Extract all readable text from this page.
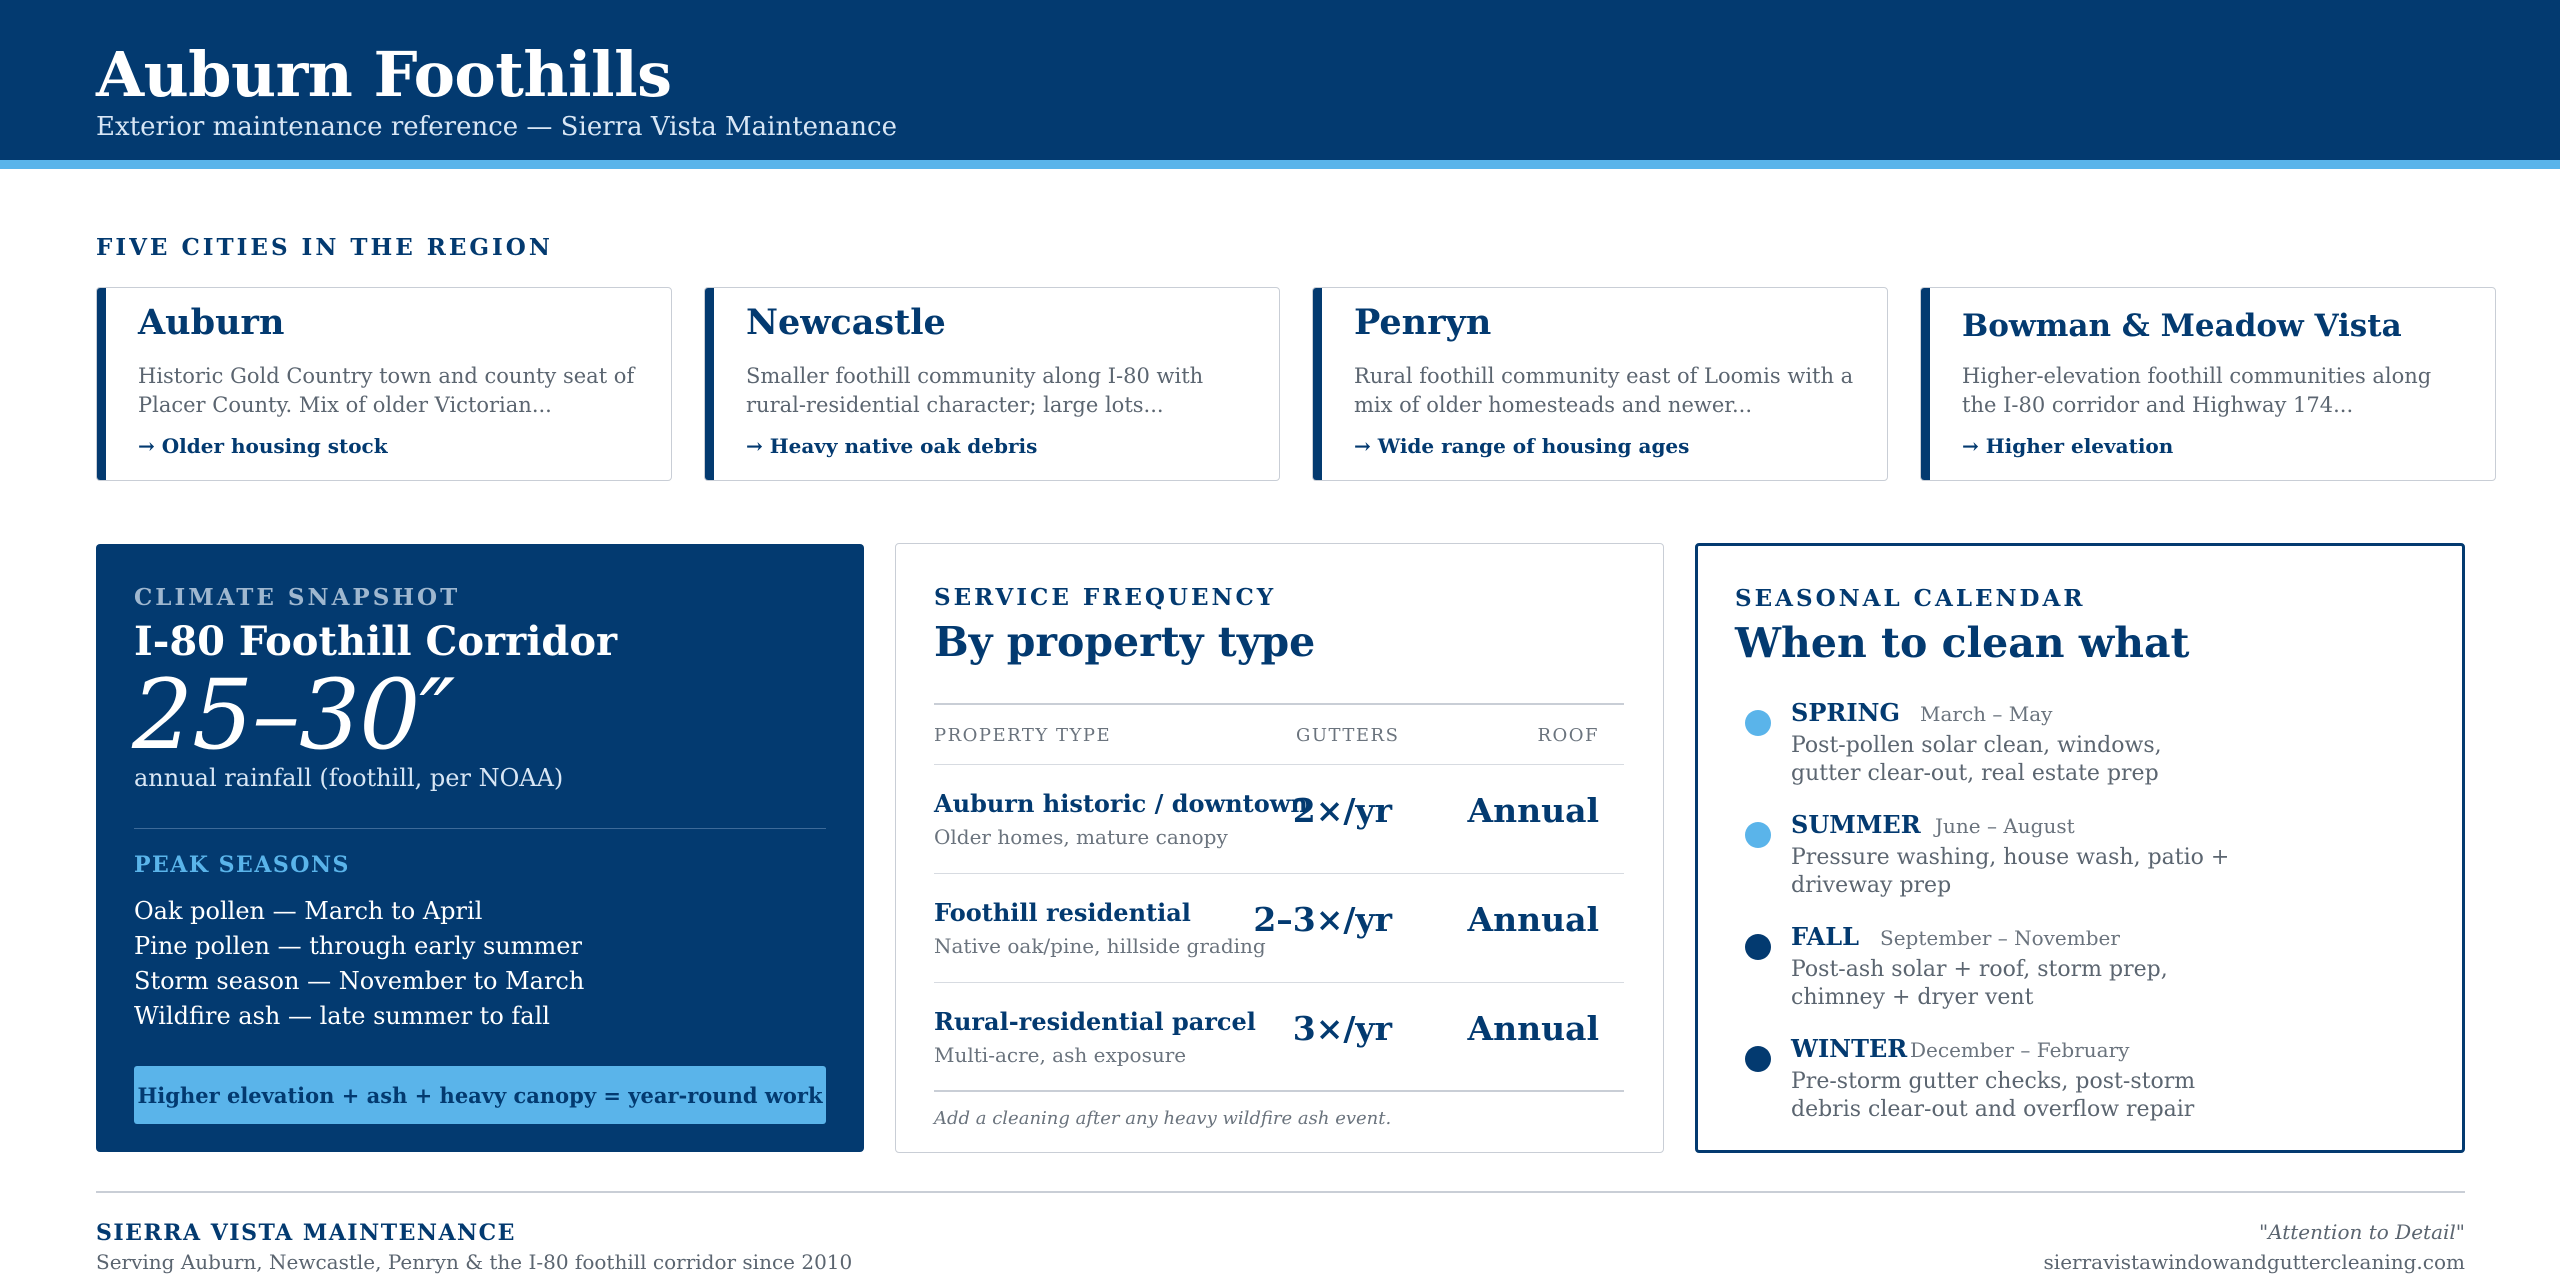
Auburn Foothills
Exterior maintenance reference — Sierra Vista Maintenance
FIVE CITIES IN THE REGION
Auburn
Historic Gold Country town and county seat of Placer County. Mix of older Victorian...
→ Older housing stock
Newcastle
Smaller foothill community along I-80 with rural-residential character; large lots...
→ Heavy native oak debris
Penryn
Rural foothill community east of Loomis with a mix of older homesteads and newer...
→ Wide range of housing ages
Bowman & Meadow Vista
Higher-elevation foothill communities along the I-80 corridor and Highway 174...
→ Higher elevation
CLIMATE SNAPSHOT
I-80 Foothill Corridor
25–30″
annual rainfall (foothill, per NOAA)
PEAK SEASONS
Oak pollen — March to April
Pine pollen — through early summer
Storm season — November to March
Wildfire ash — late summer to fall
Higher elevation + ash + heavy canopy = year-round work
SERVICE FREQUENCY
By property type
PROPERTY TYPE	GUTTERS	ROOF
Auburn historic / downtown
Older homes, mature canopy
2×/yr Annual
Foothill residential
Native oak/pine, hillside grading
2–3×/yr Annual
Rural-residential parcel
Multi-acre, ash exposure
3×/yr Annual
Add a cleaning after any heavy wildfire ash event.
SEASONAL CALENDAR
When to clean what
SPRING March – May
Post-pollen solar clean, windows, gutter clear-out, real estate prep
SUMMER June – August
Pressure washing, house wash, patio + driveway prep
FALL September – November
Post-ash solar + roof, storm prep, chimney + dryer vent
WINTER December – February
Pre-storm gutter checks, post-storm debris clear-out and overflow repair
SIERRA VISTA MAINTENANCE
Serving Auburn, Newcastle, Penryn & the I-80 foothill corridor since 2010
"Attention to Detail"
sierravistawindowandguttercleaning.com
